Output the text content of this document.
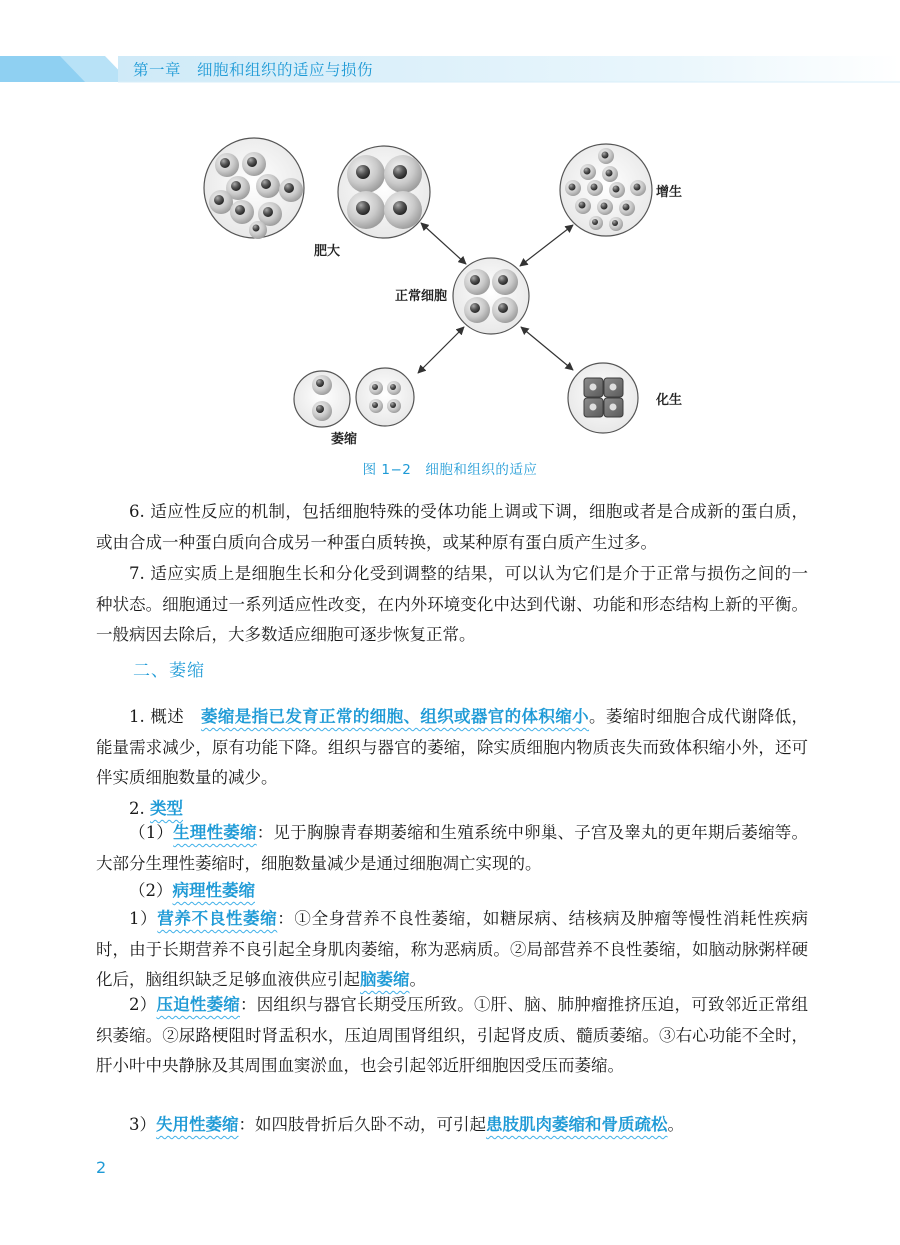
第一章　 细胞和组织的适应与损伤
肥大
增生
正常细胞
萎缩
化生
图 1−2　细胞和组织的适应

6. 适应性反应的机制，包括细胞特殊的受体功能上调或下调，细胞或者是合成新的蛋白质，或由合成一种蛋白质向合成另一种蛋白质转换，或某种原有蛋白质产生过多。

7. 适应实质上是细胞生长和分化受到调整的结果，可以认为它们是介于正常与损伤之间的一种状态。细胞通过一系列适应性改变，在内外环境变化中达到代谢、功能和形态结构上新的平衡。一般病因去除后，大多数适应细胞可逐步恢复正常。

二、萎缩

1. 概述　萎缩是指已发育正常的细胞、组织或器官的体积缩小。萎缩时细胞合成代谢降低，能量需求减少，原有功能下降。组织与器官的萎缩，除实质细胞内物质丧失而致体积缩小外，还可伴实质细胞数量的减少。

2. 类型

（1）生理性萎缩：见于胸腺青春期萎缩和生殖系统中卵巢、子宫及睾丸的更年期后萎缩等。大部分生理性萎缩时，细胞数量减少是通过细胞凋亡实现的。

（2）病理性萎缩

1）营养不良性萎缩：①全身营养不良性萎缩，如糖尿病、结核病及肿瘤等慢性消耗性疾病时，由于长期营养不良引起全身肌肉萎缩，称为恶病质。②局部营养不良性萎缩，如脑动脉粥样硬化后，脑组织缺乏足够血液供应引起脑萎缩。

2）压迫性萎缩：因组织与器官长期受压所致。①肝、脑、肺肿瘤推挤压迫，可致邻近正常组织萎缩。②尿路梗阻时肾盂积水，压迫周围肾组织，引起肾皮质、髓质萎缩。③右心功能不全时，肝小叶中央静脉及其周围血窦淤血，也会引起邻近肝细胞因受压而萎缩。

3）失用性萎缩：如四肢骨折后久卧不动，可引起患肢肌肉萎缩和骨质疏松。

2
